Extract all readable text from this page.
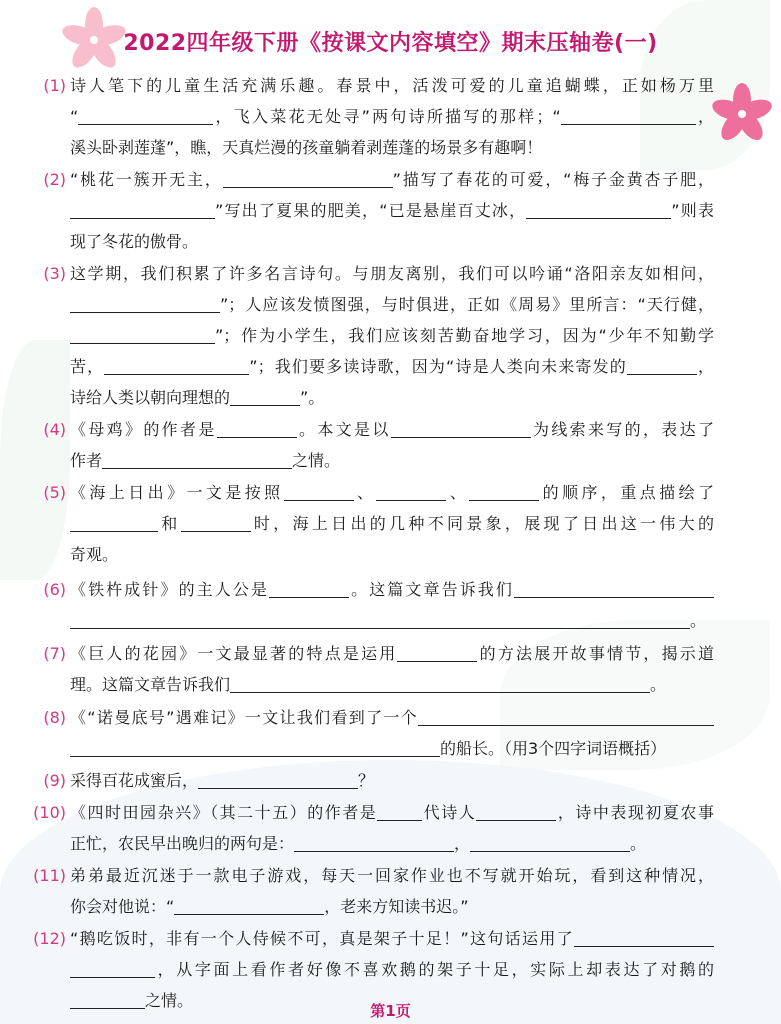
2022四年级下册《按课文内容填空》期末压轴卷(一)
(1) 诗人笔下的儿童生活充满乐趣。春景中，活泼可爱的儿童追蝴蝶，正如杨万里
“	，飞入菜花无处寻”两句诗所描写的那样；“	，
溪头卧剥莲蓬”，瞧，天真烂漫的孩童躺着剥莲蓬的场景多有趣啊！
(2) “桃花一簇开无主，	”描写了春花的可爱，“梅子金黄杏子肥，
”写出了夏果的肥美，“已是悬崖百丈冰，	”则表
现了冬花的傲骨。
(3) 这学期，我们积累了许多名言诗句。与朋友离别，我们可以吟诵“洛阳亲友如相问，
”；人应该发愤图强，与时俱进，正如《周易》里所言：“天行健，
”；作为小学生，我们应该刻苦勤奋地学习，因为“少年不知勤学
苦，	”；我们要多读诗歌，因为“诗是人类向未来寄发的	，
诗给人类以朝向理想的	”。
(4) 《母鸡》的作者是	。本文是以	为线索来写的，表达了
作者	之情。
(5) 《海上日出》一文是按照	、	、	的顺序，重点描绘了
和	时，海上日出的几种不同景象，展现了日出这一伟大的
奇观。
(6) 《铁杵成针》的主人公是	。这篇文章告诉我们
。
(7) 《巨人的花园》一文最显著的特点是运用	的方法展开故事情节，揭示道
理。这篇文章告诉我们	。
(8) 《“诺曼底号”遇难记》一文让我们看到了一个
的船长。（用3个四字词语概括）
(9) 采得百花成蜜后，	？
(10) 《四时田园杂兴》（其二十五）的作者是	代诗人	，诗中表现初夏农事
正忙，农民早出晚归的两句是：	，	。
(11) 弟弟最近沉迷于一款电子游戏，每天一回家作业也不写就开始玩，看到这种情况，
你会对他说：“	，老来方知读书迟。”
(12) “鹅吃饭时，非有一个人侍候不可，真是架子十足！”这句话运用了
，从字面上看作者好像不喜欢鹅的架子十足，实际上却表达了对鹅的
之情。
第1页
